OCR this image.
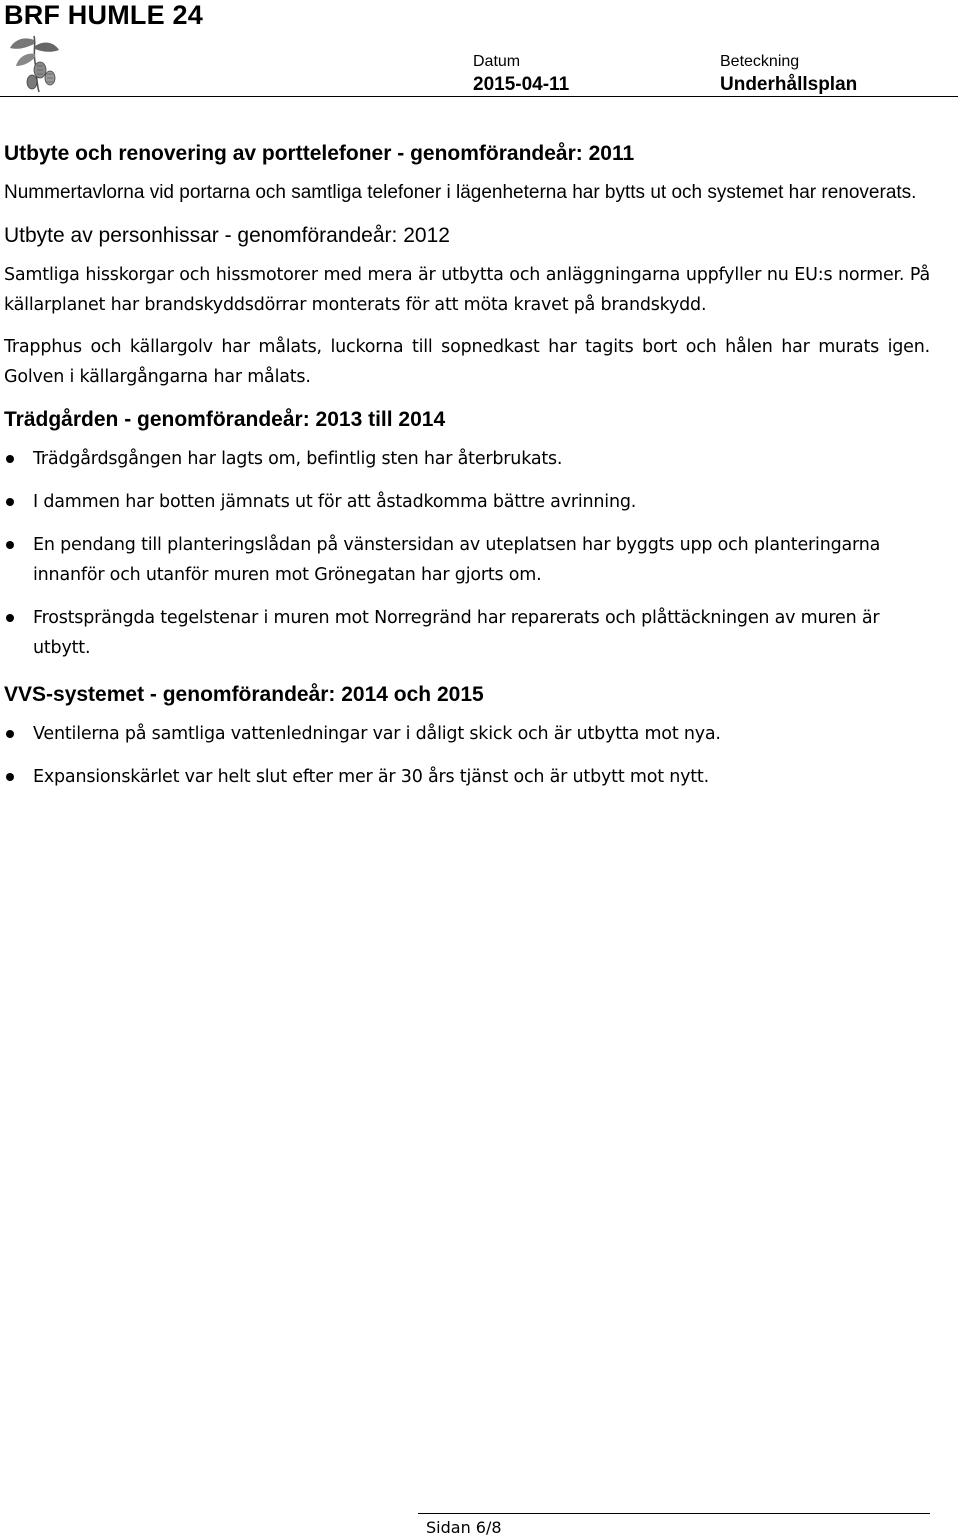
BRF HUMLE 24
Datum
2015-04-11
Beteckning
Underhållsplan
Utbyte och renovering av porttelefoner - genomförandeår: 2011

Nummertavlorna vid portarna och samtliga telefoner i lägenheterna har bytts ut och systemet har renoverats.

Utbyte av personhissar - genomförandeår: 2012

Samtliga hisskorgar och hissmotorer med mera är utbytta och anläggningarna uppfyller nu EU:s normer. På källarplanet har brandskyddsdörrar monterats för att möta kravet på brandskydd.

Trapphus och källargolv har målats, luckorna till sopnedkast har tagits bort och hålen har murats igen. Golven i källargångarna har målats.

Trädgården - genomförandeår: 2013 till 2014
Trädgårdsgången har lagts om, befintlig sten har återbrukats.
I dammen har botten jämnats ut för att åstadkomma bättre avrinning.
En pendang till planteringslådan på vänstersidan av uteplatsen har byggts upp och planteringarna innanför och utanför muren mot Grönegatan har gjorts om.
Frostsprängda tegelstenar i muren mot Norregränd har reparerats och plåttäckningen av muren är utbytt.
VVS-systemet - genomförandeår: 2014 och 2015
Ventilerna på samtliga vattenledningar var i dåligt skick och är utbytta mot nya.
Expansionskärlet var helt slut efter mer är 30 års tjänst och är utbytt mot nytt.
Sidan 6/8
